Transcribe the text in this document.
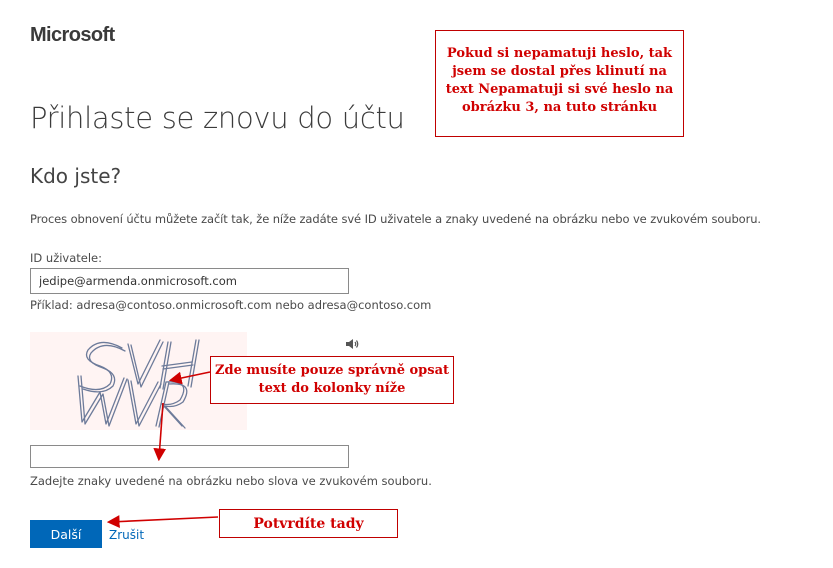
Microsoft
Přihlaste se znovu do účtu
Kdo jste?
Proces obnovení účtu můžete začít tak, že níže zadáte své ID uživatele a znaky uvedené na obrázku nebo ve zvukovém souboru.
ID uživatele:
jedipe@armenda.onmicrosoft.com
Příklad: adresa@contoso.onmicrosoft.com nebo adresa@contoso.com
Zadejte znaky uvedené na obrázku nebo slova ve zvukovém souboru.
Další	Zrušit
Pokud si nepamatuji heslo, tak jsem se dostal přes klinutí na text Nepamatuji si své heslo na obrázku 3, na tuto stránku
Zde musíte pouze správně opsat text do kolonky níže
Potvrdíte tady
